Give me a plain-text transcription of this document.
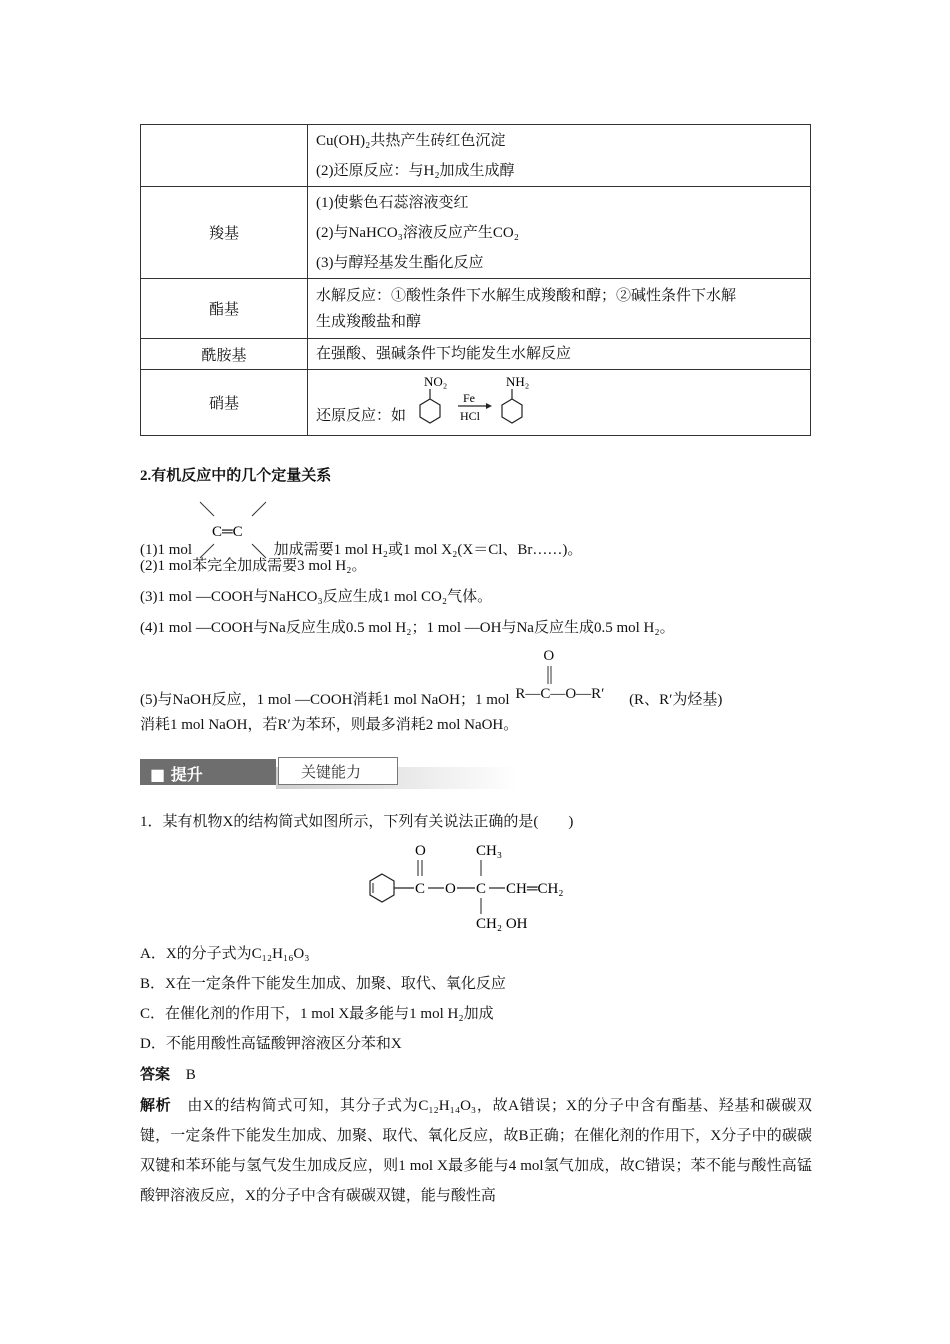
	Cu(OH)₂共热产生砖红色沉淀
(2)还原反应：与H₂加成生成醇

羧基	(1)使紫色石蕊溶液变红
(2)与NaHCO₃溶液反应产生CO₂
(3)与醇羟基发生酯化反应

酯基	水解反应：①酸性条件下水解生成羧酸和醇；②碱性条件下水解
生成羧酸盐和醇

酰胺基	在强酸、强碱条件下均能发生水解反应

硝基	还原反应：如
NO₂
Fe
HCl
NH₂
2.有机反应中的几个定量关系
(1)1 mol
C═C
加成需要1 mol H₂或1 mol X₂(X＝Cl、Br……)。
(2)1 mol苯完全加成需要3 mol H₂。
(3)1 mol —COOH与NaHCO₃反应生成1 mol CO₂气体。
(4)1 mol —COOH与Na反应生成0.5 mol H₂；1 mol —OH与Na反应生成0.5 mol H₂。
(5)与NaOH反应，1 mol —COOH消耗1 mol NaOH；1 mol R—C—O—R′
O
(R、R′为烃基)
消耗1 mol NaOH，若R′为苯环，则最多消耗2 mol NaOH。
■ 提升	关键能力
1．某有机物X的结构简式如图所示，下列有关说法正确的是(　　)
C
O
O C
CH₃
CH═CH₂
CH₂ OH
A．X的分子式为C₁₂H₁₆O₃
B．X在一定条件下能发生加成、加聚、取代、氧化反应
C．在催化剂的作用下，1 mol X最多能与1 mol H₂加成
D．不能用酸性高锰酸钾溶液区分苯和X
答案 B
解析 由X的结构简式可知，其分子式为C₁₂H₁₄O₃，故A错误；X的分子中含有酯基、羟基和碳碳双键，一定条件下能发生加成、加聚、取代、氧化反应，故B正确；在催化剂的作用下，X分子中的碳碳双键和苯环能与氢气发生加成反应，则1 mol X最多能与4 mol氢气加成，故C错误；苯不能与酸性高锰酸钾溶液反应，X的分子中含有碳碳双键，能与酸性高
